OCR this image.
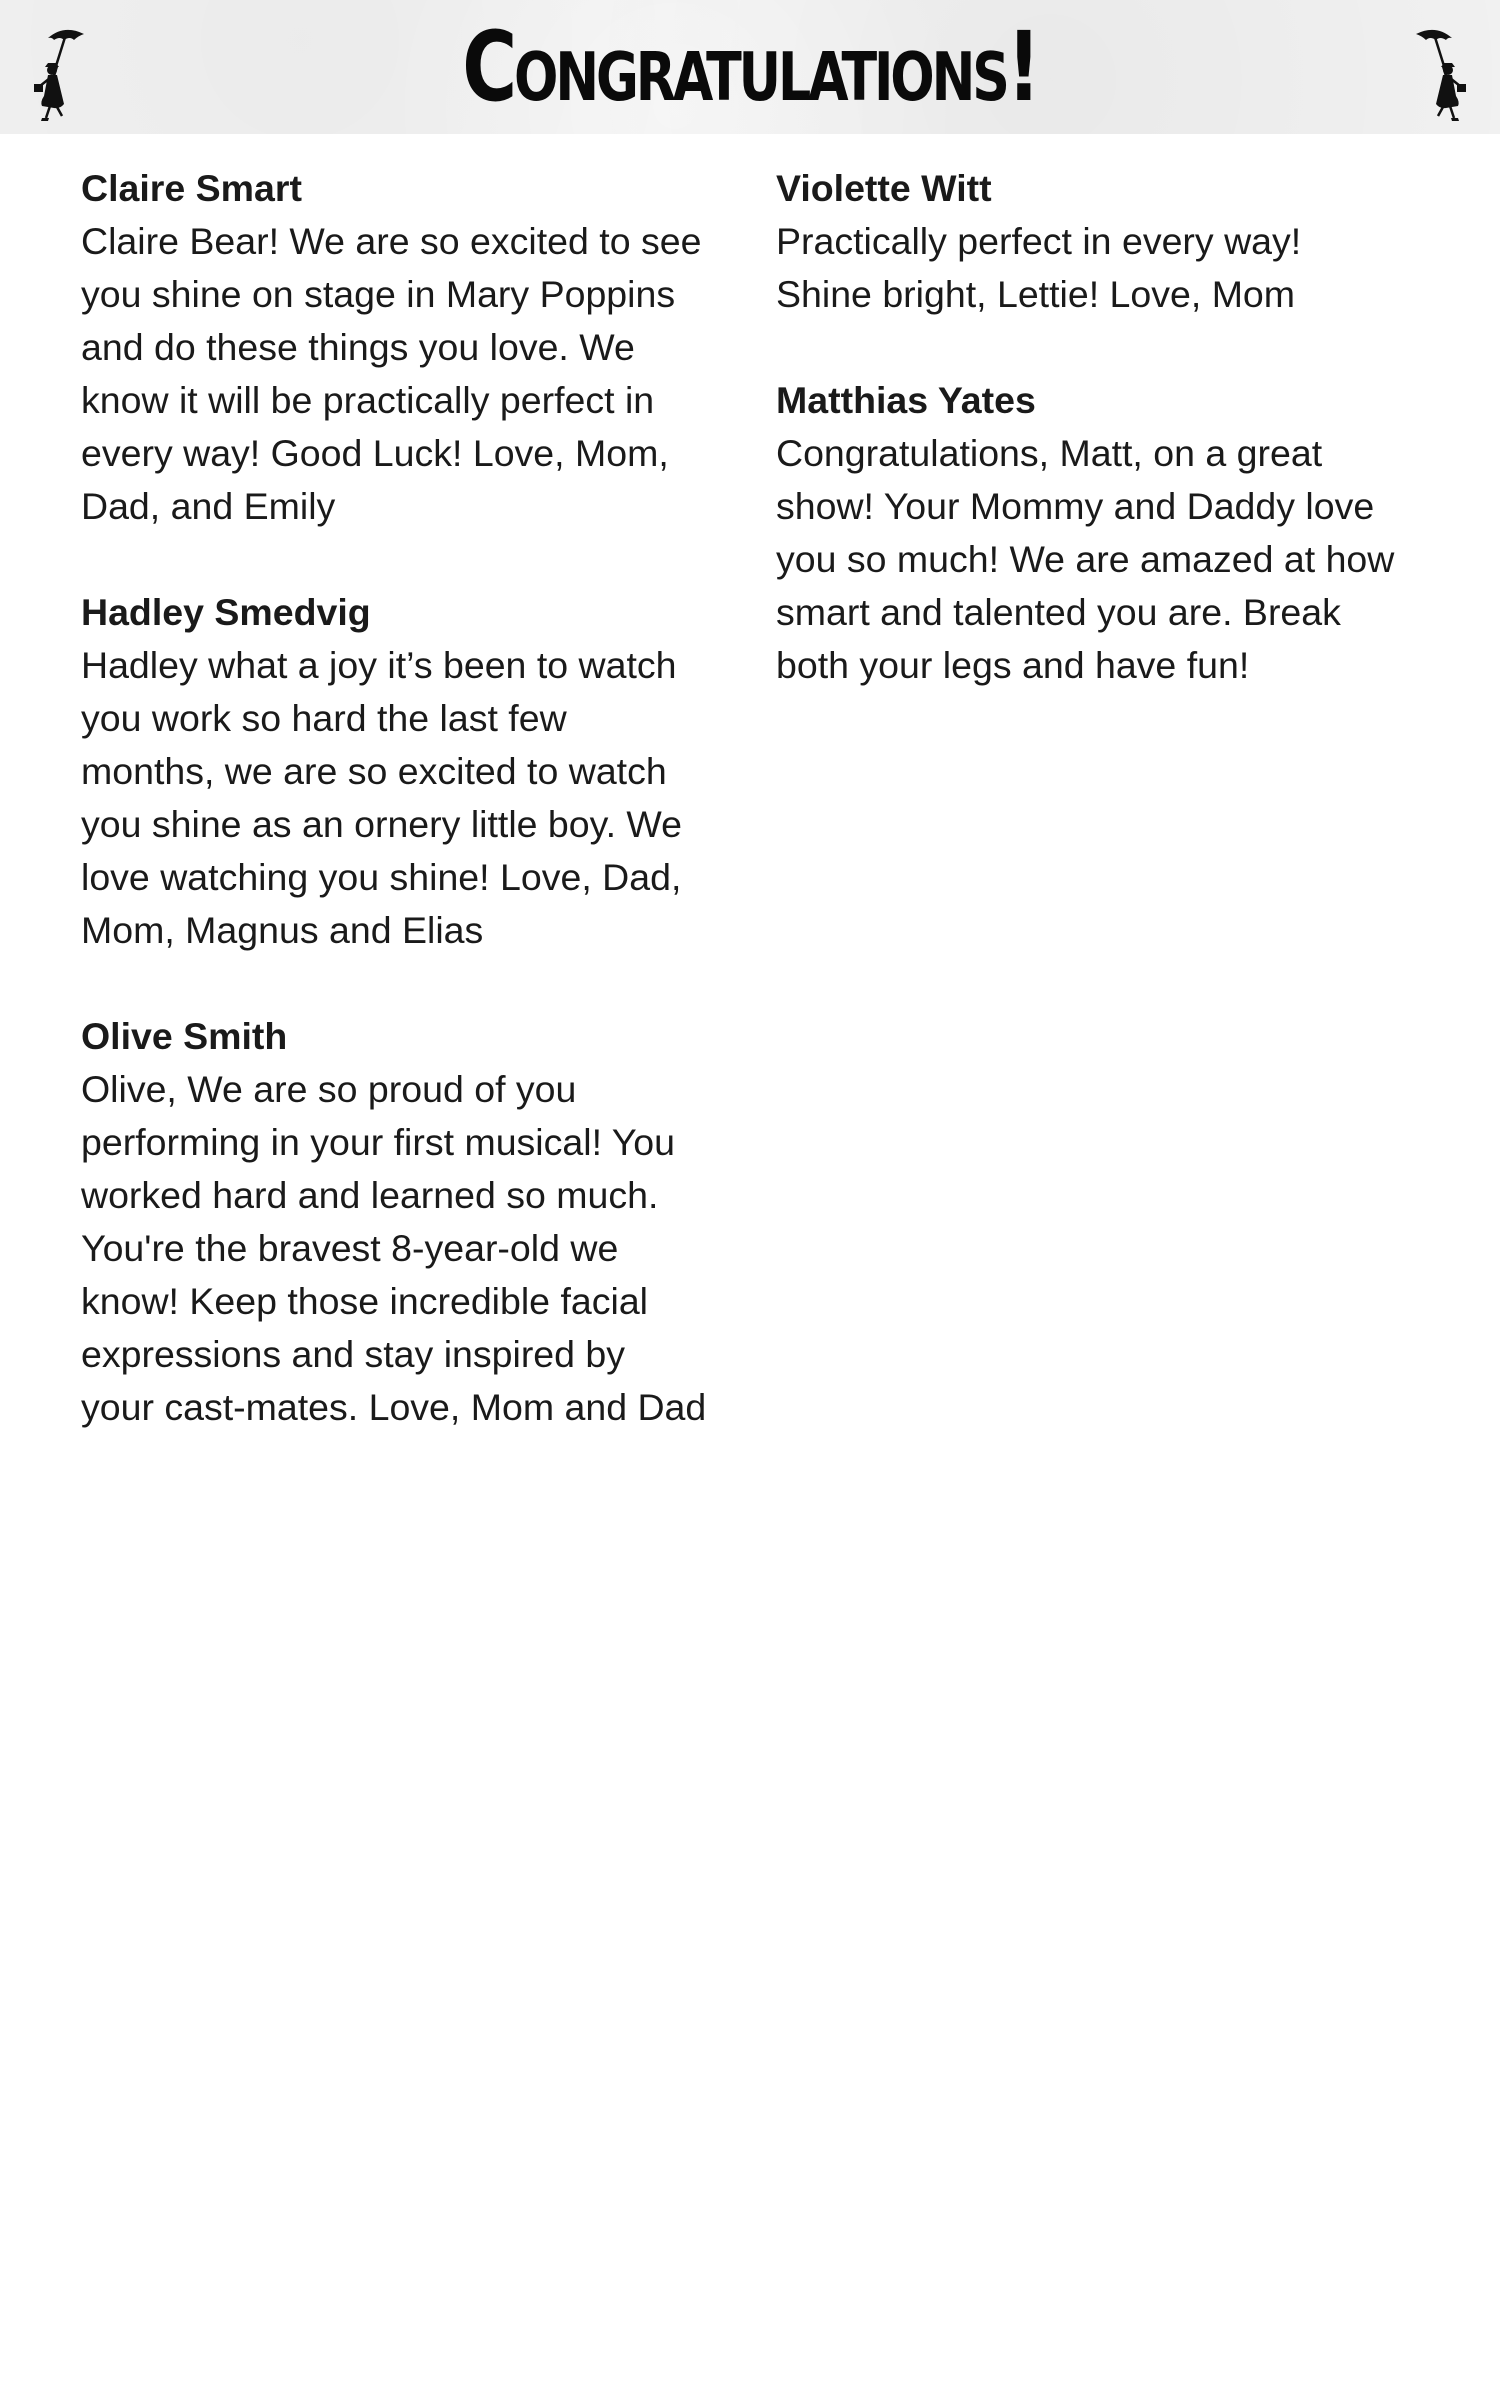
Congratulations!
Claire Smart
Claire Bear! We are so excited to see
you shine on stage in Mary Poppins
and do these things you love. We
know it will be practically perfect in
every way! Good Luck! Love, Mom,
Dad, and Emily
Hadley Smedvig
Hadley what a joy it’s been to watch
you work so hard the last few
months, we are so excited to watch
you shine as an ornery little boy. We
love watching you shine! Love, Dad,
Mom, Magnus and Elias
Olive Smith
Olive, We are so proud of you
performing in your first musical! You
worked hard and learned so much.
You're the bravest 8-year-old we
know! Keep those incredible facial
expressions and stay inspired by
your cast-mates. Love, Mom and Dad
Violette Witt
Practically perfect in every way!
Shine bright, Lettie! Love, Mom
Matthias Yates
Congratulations, Matt, on a great
show! Your Mommy and Daddy love
you so much! We are amazed at how
smart and talented you are. Break
both your legs and have fun!
